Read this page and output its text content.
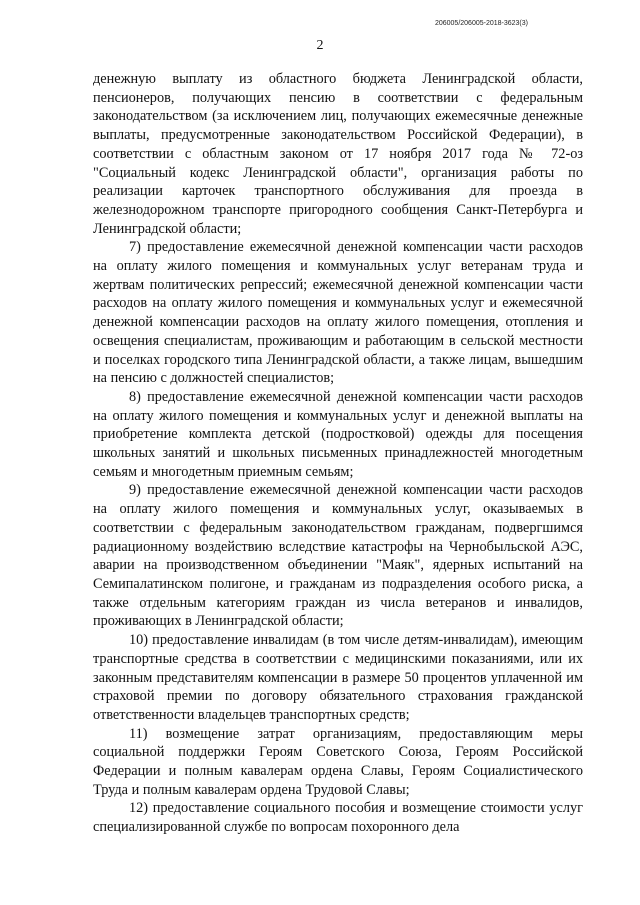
206005/206005-2018-3623(3)
2

денежную выплату из областного бюджета Ленинградской области, пенсионеров, получающих пенсию в соответствии с федеральным законодательством (за исключением лиц, получающих ежемесячные денежные выплаты, предусмотренные законодательством Российской Федерации), в соответствии с областным законом от 17 ноября 2017 года № 72-оз "Социальный кодекс Ленинградской области", организация работы по реализации карточек транспортного обслуживания для проезда в железнодорожном транспорте пригородного сообщения Санкт-Петербурга и Ленинградской области;

7) предоставление ежемесячной денежной компенсации части расходов на оплату жилого помещения и коммунальных услуг ветеранам труда и жертвам политических репрессий; ежемесячной денежной компенсации части расходов на оплату жилого помещения и коммунальных услуг и ежемесячной денежной компенсации расходов на оплату жилого помещения, отопления и освещения специалистам, проживающим и работающим в сельской местности и поселках городского типа Ленинградской области, а также лицам, вышедшим на пенсию с должностей специалистов;

8) предоставление ежемесячной денежной компенсации части расходов на оплату жилого помещения и коммунальных услуг и денежной выплаты на приобретение комплекта детской (подростковой) одежды для посещения школьных занятий и школьных письменных принадлежностей многодетным семьям и многодетным приемным семьям;

9) предоставление ежемесячной денежной компенсации части расходов на оплату жилого помещения и коммунальных услуг, оказываемых в соответствии с федеральным законодательством гражданам, подвергшимся радиационному воздействию вследствие катастрофы на Чернобыльской АЭС, аварии на производственном объединении "Маяк", ядерных испытаний на Семипалатинском полигоне, и гражданам из подразделения особого риска, а также отдельным категориям граждан из числа ветеранов и инвалидов, проживающих в Ленинградской области;

10) предоставление инвалидам (в том числе детям-инвалидам), имеющим транспортные средства в соответствии с медицинскими показаниями, или их законным представителям компенсации в размере 50 процентов уплаченной им страховой премии по договору обязательного страхования гражданской ответственности владельцев транспортных средств;

11) возмещение затрат организациям, предоставляющим меры социальной поддержки Героям Советского Союза, Героям Российской Федерации и полным кавалерам ордена Славы, Героям Социалистического Труда и полным кавалерам ордена Трудовой Славы;

12) предоставление социального пособия и возмещение стоимости услуг специализированной службе по вопросам похоронного дела
